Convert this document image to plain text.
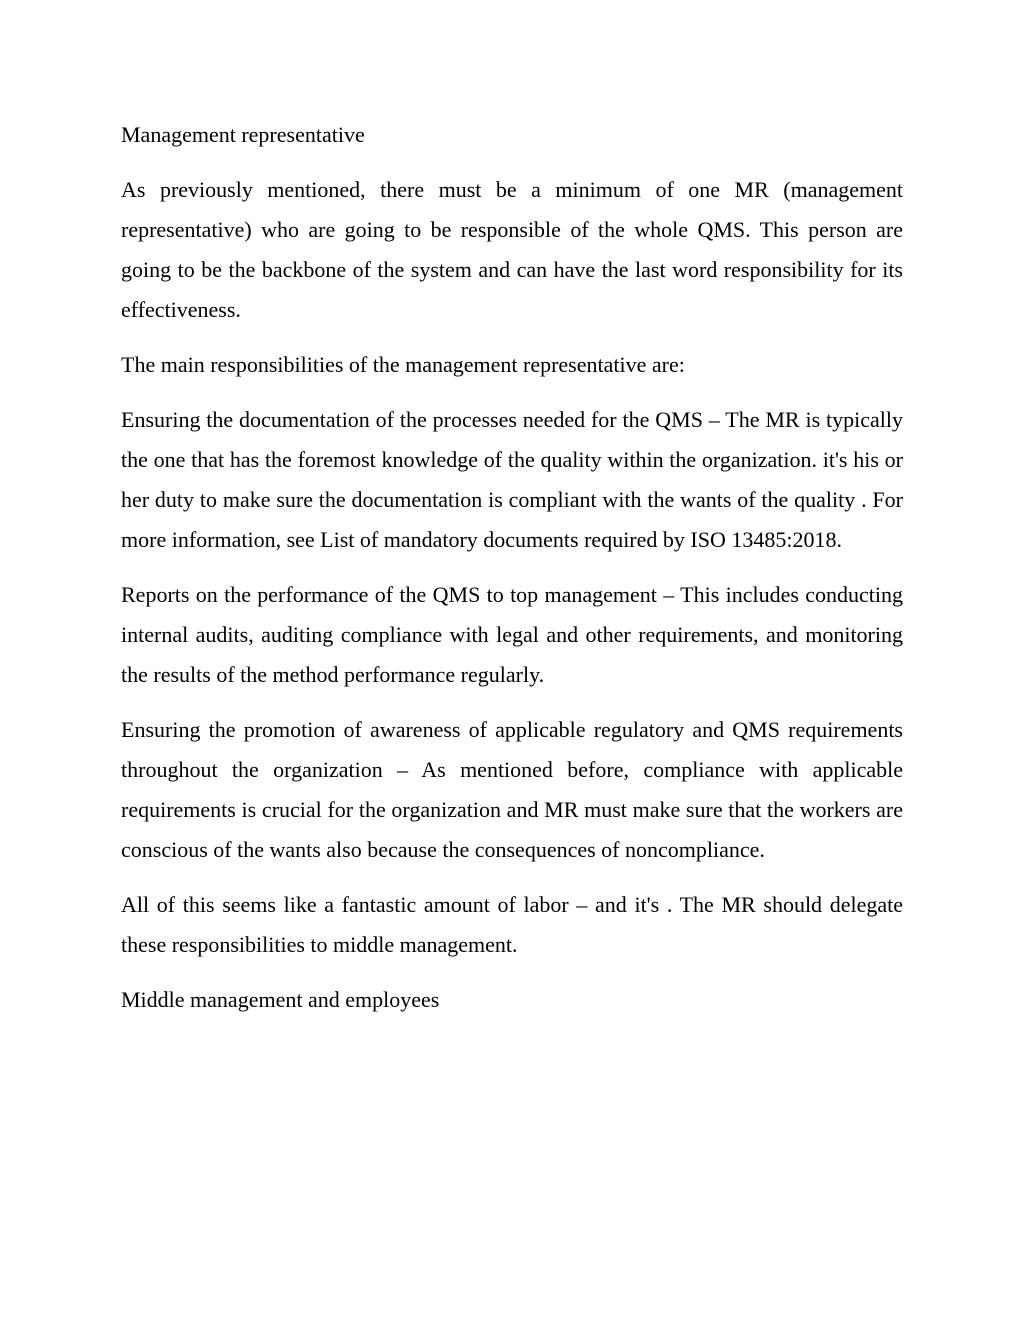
Management representative

As previously mentioned, there must be a minimum of one MR (management representative) who are going to be responsible of the whole QMS. This person are going to be the backbone of the system and can have the last word responsibility for its effectiveness.

The main responsibilities of the management representative are:

Ensuring the documentation of the processes needed for the QMS – The MR is typically the one that has the foremost knowledge of the quality within the organization. it's his or her duty to make sure the documentation is compliant with the wants of the quality . For more information, see List of mandatory documents required by ISO 13485:2018.

Reports on the performance of the QMS to top management – This includes conducting internal audits, auditing compliance with legal and other requirements, and monitoring the results of the method performance regularly.

Ensuring the promotion of awareness of applicable regulatory and QMS requirements throughout the organization – As mentioned before, compliance with applicable requirements is crucial for the organization and MR must make sure that the workers are conscious of the wants also because the consequences of noncompliance.

All of this seems like a fantastic amount of labor – and it's . The MR should delegate these responsibilities to middle management.

Middle management and employees
